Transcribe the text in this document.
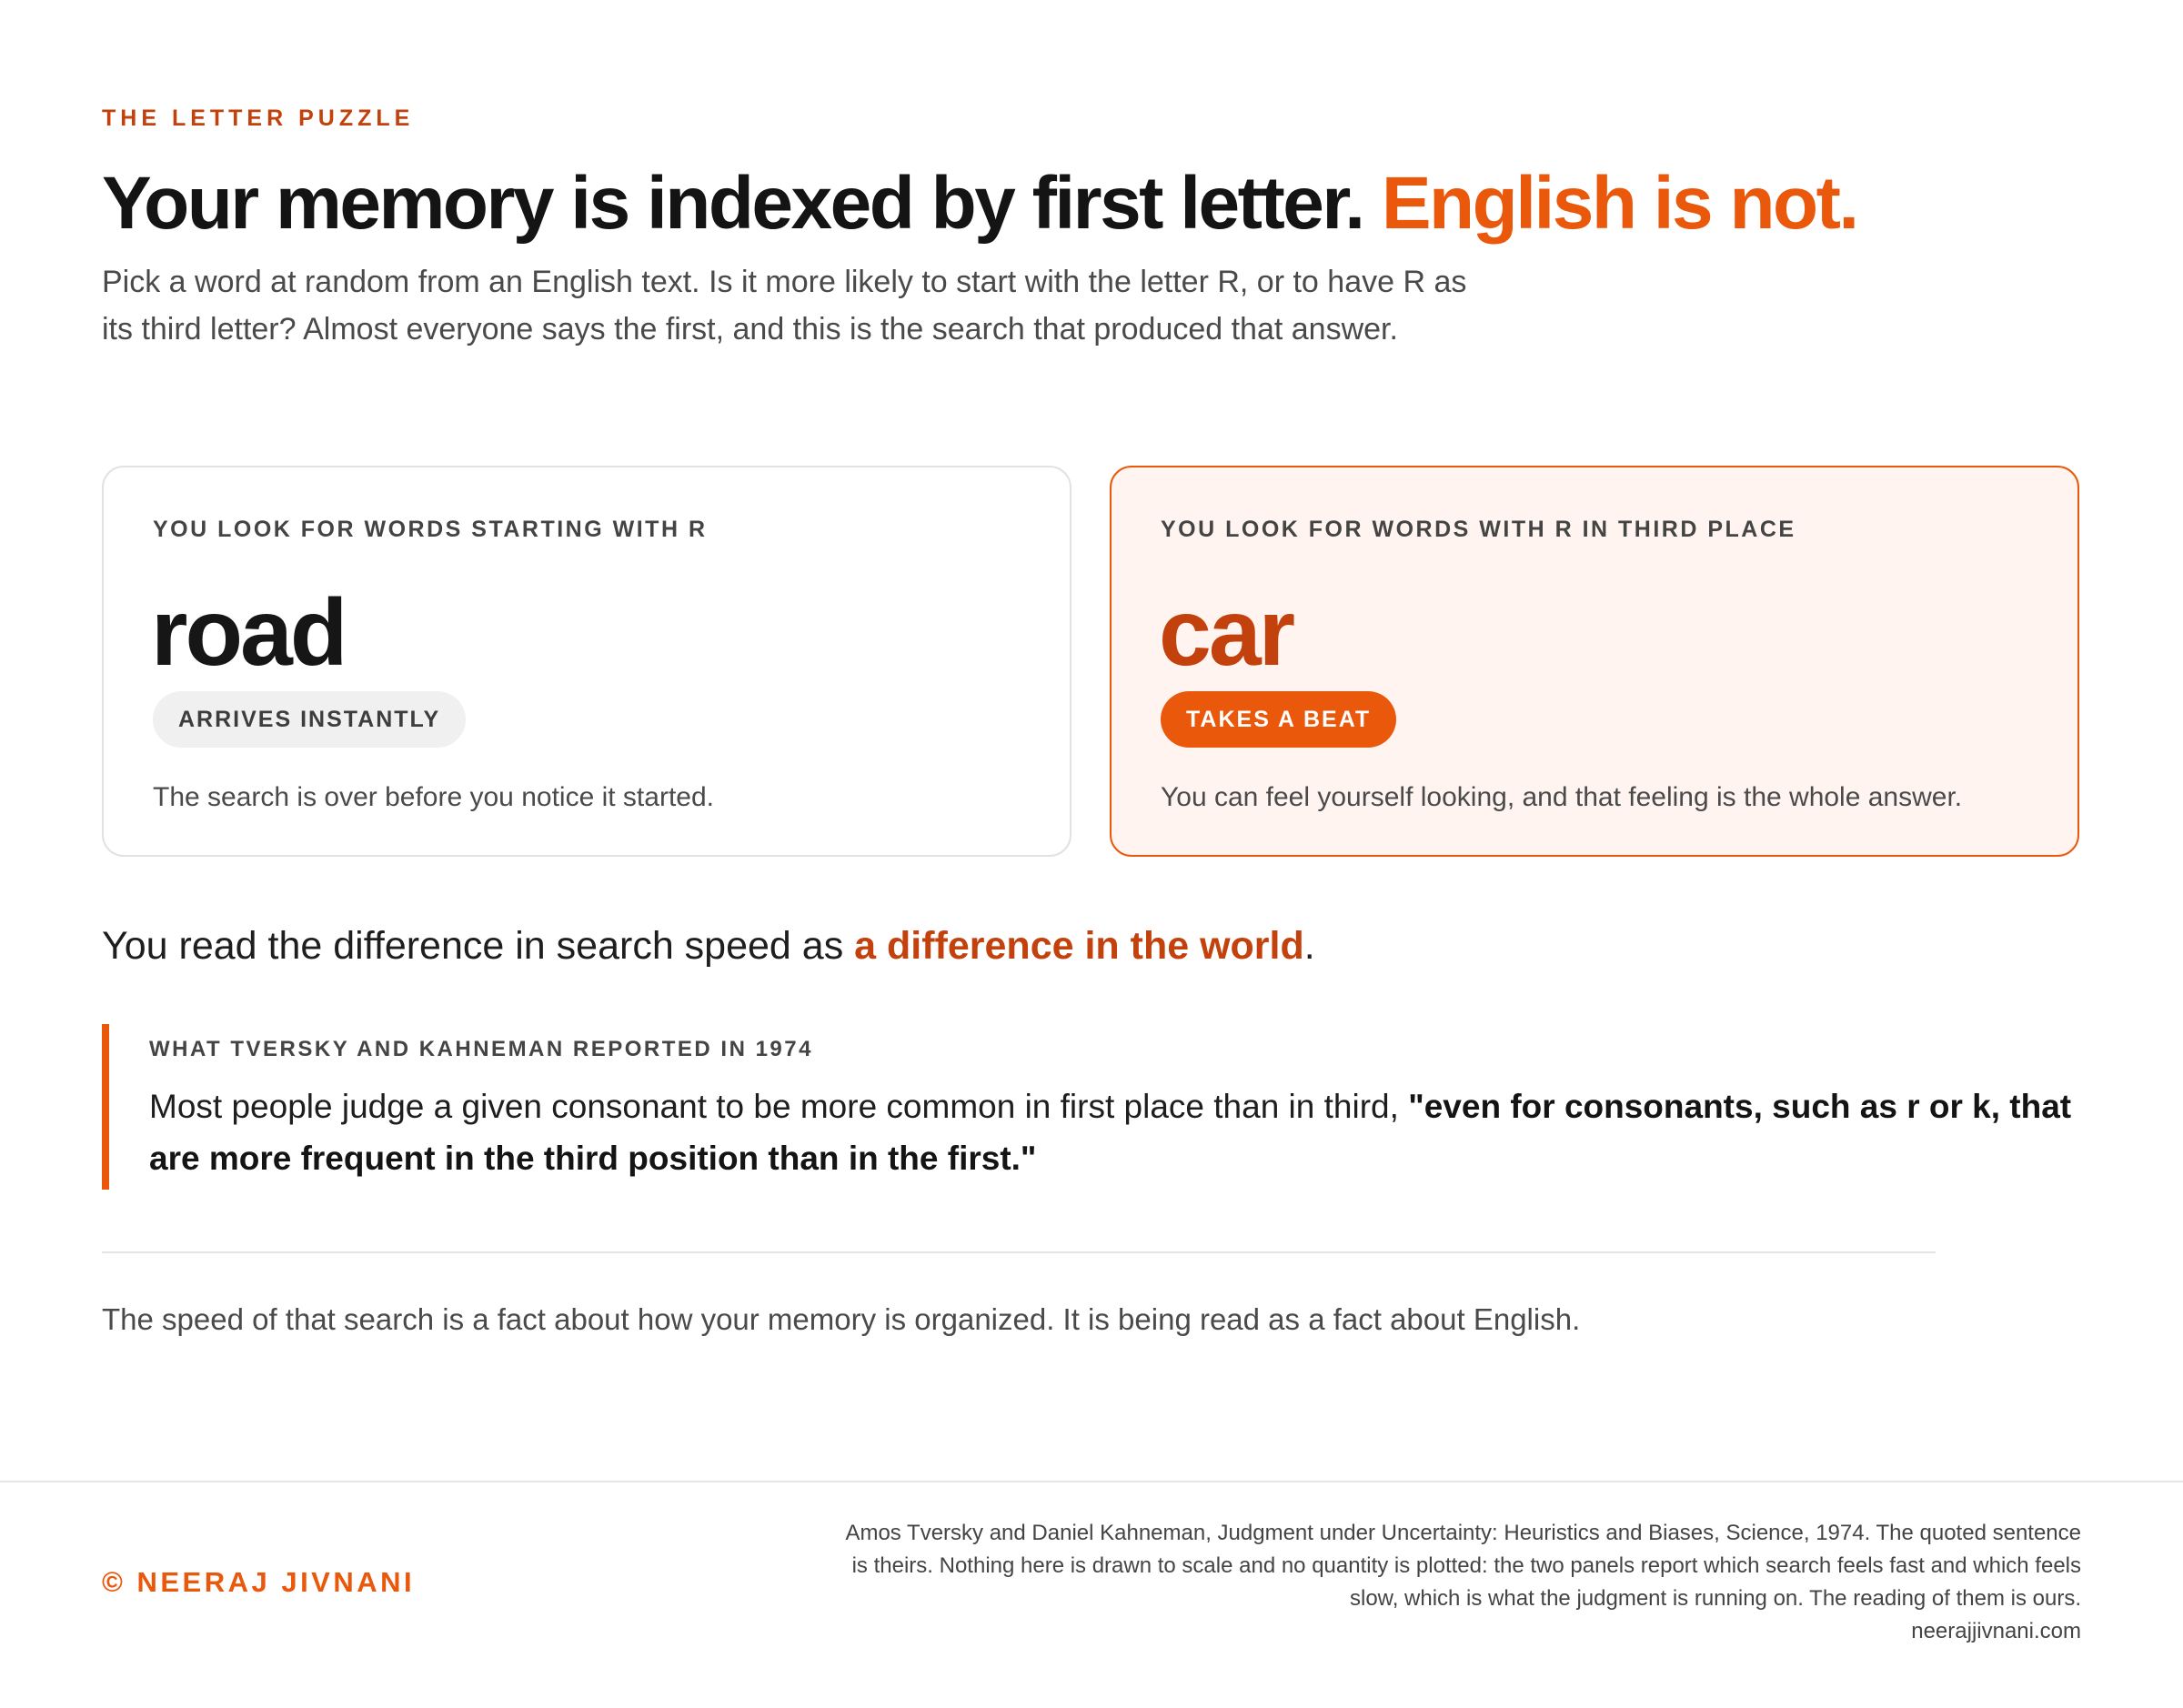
THE LETTER PUZZLE
Your memory is indexed by first letter. English is not.

Pick a word at random from an English text. Is it more likely to start with the letter R, or to have R as its third letter? Almost everyone says the first, and this is the search that produced that answer.

YOU LOOK FOR WORDS STARTING WITH R
road
ARRIVES INSTANTLY
The search is over before you notice it started.
YOU LOOK FOR WORDS WITH R IN THIRD PLACE
car
TAKES A BEAT
You can feel yourself looking, and that feeling is the whole answer.

You read the difference in search speed as a difference in the world.

WHAT TVERSKY AND KAHNEMAN REPORTED IN 1974
Most people judge a given consonant to be more common in first place than in third, "even for consonants, such as r or k, that are more frequent in the third position than in the first."

The speed of that search is a fact about how your memory is organized. It is being read as a fact about English.

© NEERAJ JIVNANI

Amos Tversky and Daniel Kahneman, Judgment under Uncertainty: Heuristics and Biases, Science, 1974. The quoted sentence is theirs. Nothing here is drawn to scale and no quantity is plotted: the two panels report which search feels fast and which feels slow, which is what the judgment is running on. The reading of them is ours.

neerajjivnani.com
